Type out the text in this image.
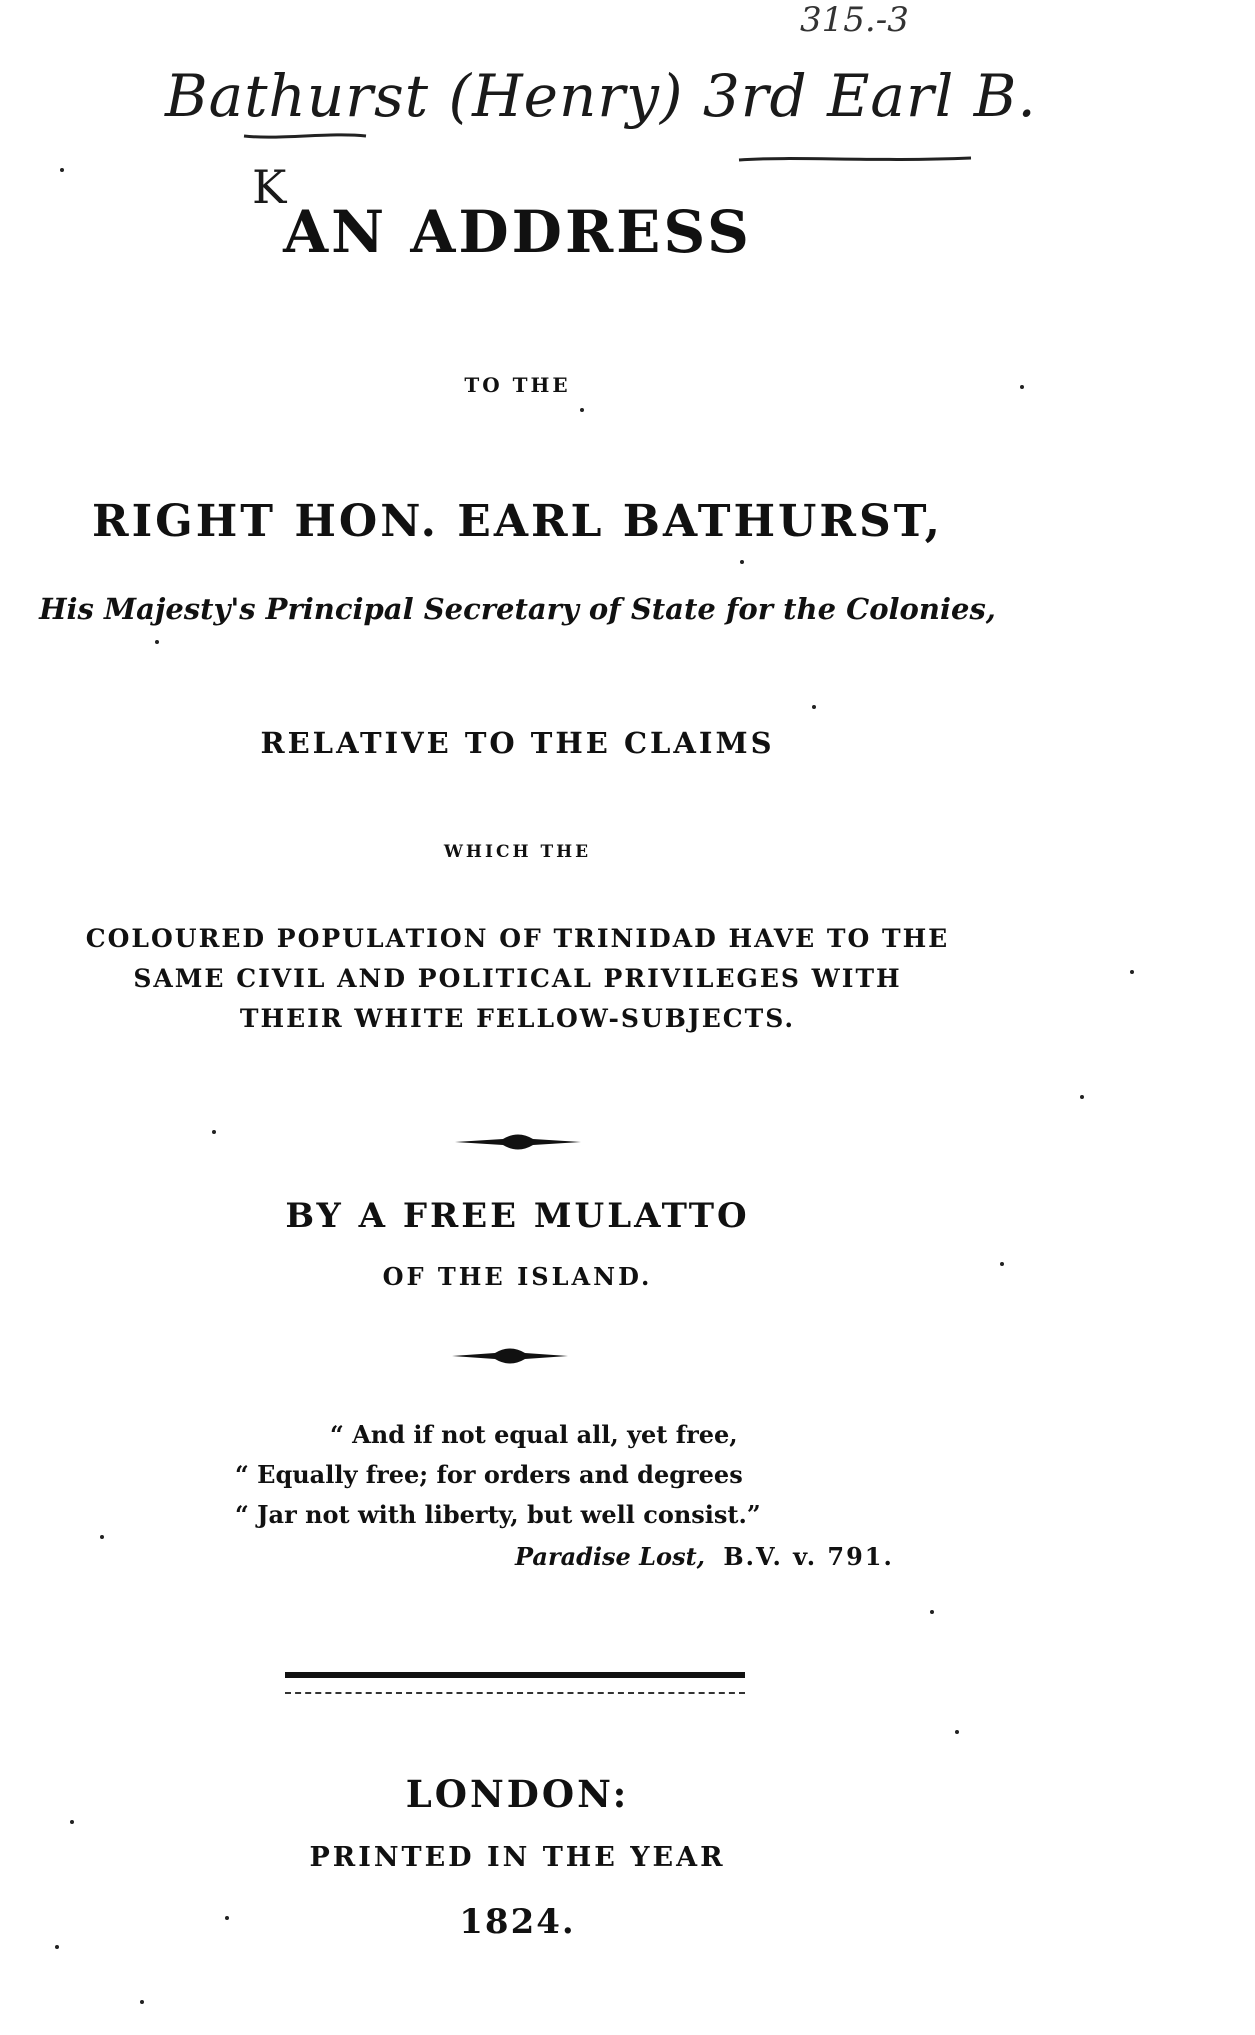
315.-3
Bathurst (Henry) 3rd Earl B.
K
AN ADDRESS
TO THE
RIGHT HON. EARL BATHURST,
His Majesty's Principal Secretary of State for the Colonies,
RELATIVE TO THE CLAIMS
WHICH THE
COLOURED POPULATION OF TRINIDAD HAVE TO THE
SAME CIVIL AND POLITICAL PRIVILEGES WITH
THEIR WHITE FELLOW-SUBJECTS.
BY A FREE MULATTO
OF THE ISLAND.
“ And if not equal all, yet free,
“ Equally free; for orders and degrees
“ Jar not with liberty, but well consist.”
Paradise Lost, B.V. v. 791.
LONDON:
PRINTED IN THE YEAR
1824.
